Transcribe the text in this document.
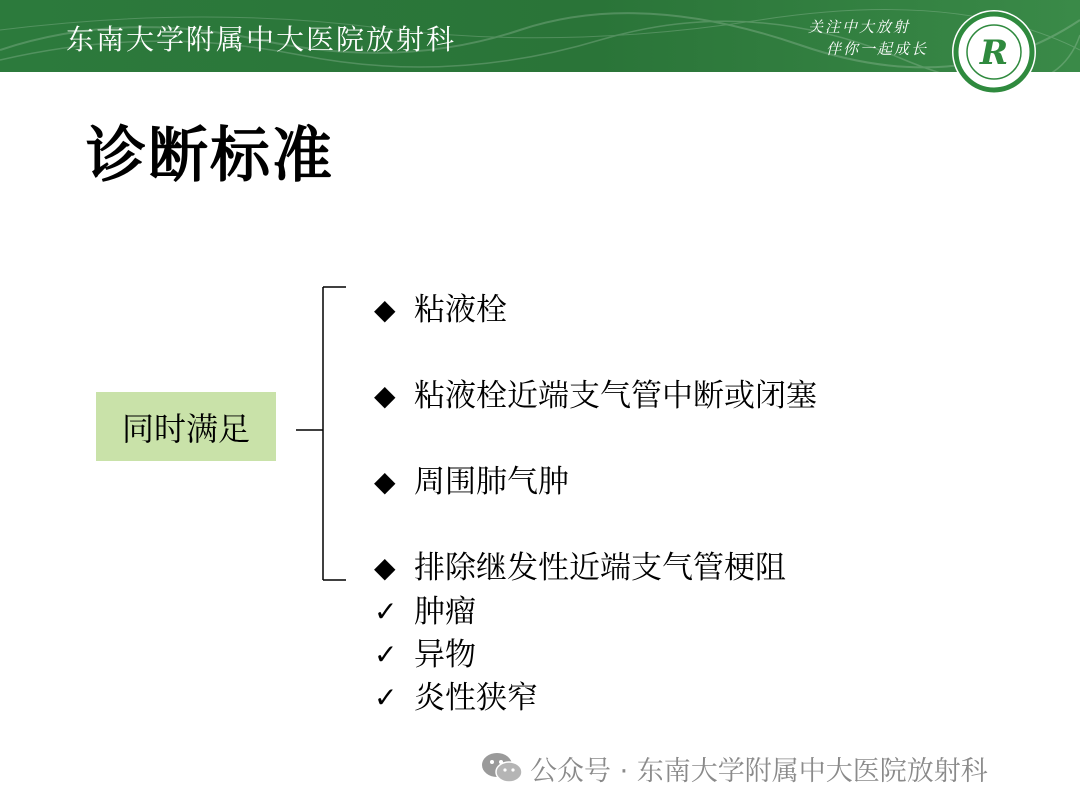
东南大学附属中大医院放射科	关注中大放射
伴你一起成长 R
诊断标准
同时满足
◆ 粘液栓
◆ 粘液栓近端支气管中断或闭塞
◆ 周围肺气肿
◆ 排除继发性近端支气管梗阻
✓ 肿瘤
✓ 异物
✓ 炎性狭窄
公众号 · 东南大学附属中大医院放射科
